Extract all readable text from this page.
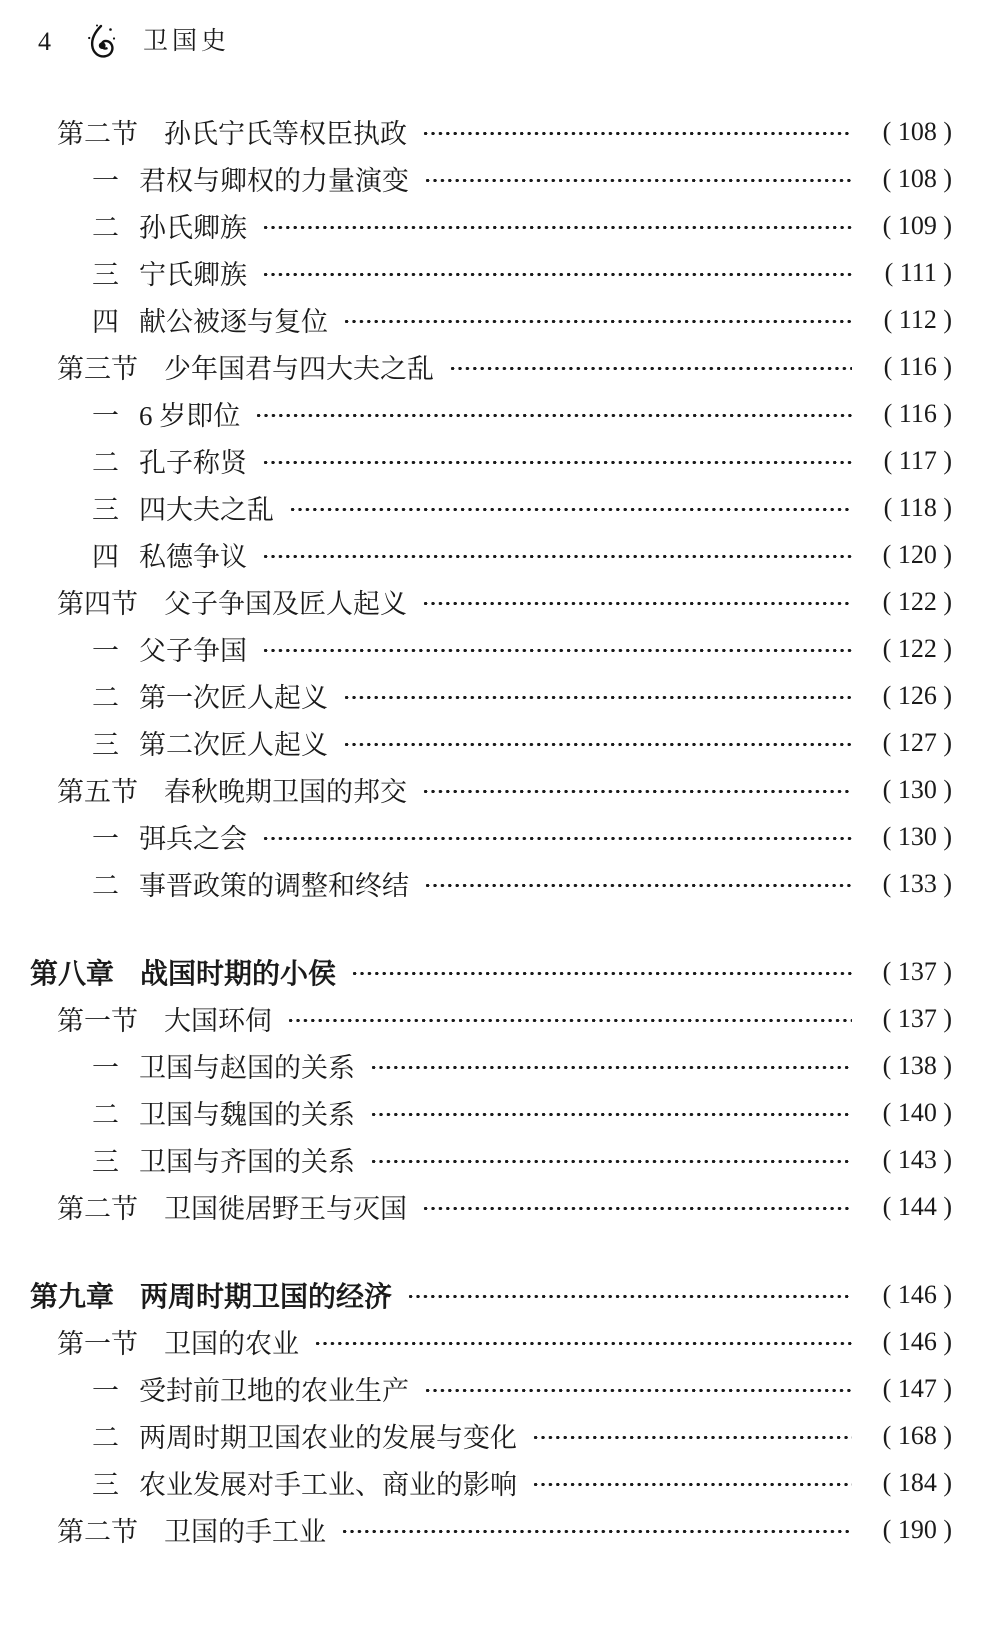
4	卫国史
第二节 孙氏宁氏等权臣执政	( 108 )
一 君权与卿权的力量演变	( 108 )
二 孙氏卿族	( 109 )
三 宁氏卿族	( 111 )
四 献公被逐与复位	( 112 )
第三节 少年国君与四大夫之乱	( 116 )
一 6 岁即位	( 116 )
二 孔子称贤	( 117 )
三 四大夫之乱	( 118 )
四 私德争议	( 120 )
第四节 父子争国及匠人起义	( 122 )
一 父子争国	( 122 )
二 第一次匠人起义	( 126 )
三 第二次匠人起义	( 127 )
第五节 春秋晚期卫国的邦交	( 130 )
一 弭兵之会	( 130 )
二 事晋政策的调整和终结	( 133 )
第八章 战国时期的小侯	( 137 )
第一节 大国环伺	( 137 )
一 卫国与赵国的关系	( 138 )
二 卫国与魏国的关系	( 140 )
三 卫国与齐国的关系	( 143 )
第二节 卫国徙居野王与灭国	( 144 )
第九章 两周时期卫国的经济	( 146 )
第一节 卫国的农业	( 146 )
一 受封前卫地的农业生产	( 147 )
二 两周时期卫国农业的发展与变化	( 168 )
三 农业发展对手工业、商业的影响	( 184 )
第二节 卫国的手工业	( 190 )
